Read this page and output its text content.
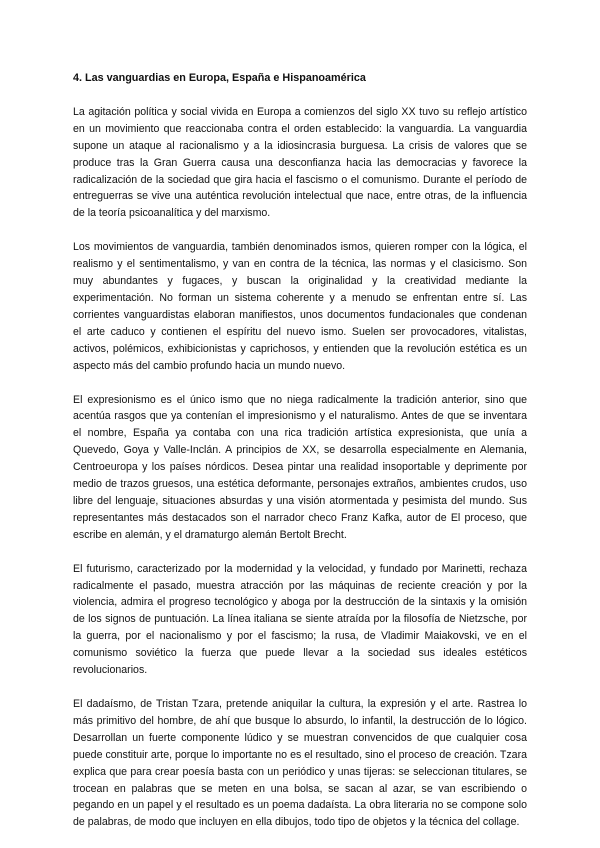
4. Las vanguardias en Europa, España e Hispanoamérica

La agitación política y social vivida en Europa a comienzos del siglo XX tuvo su reflejo artístico en un movimiento que reaccionaba contra el orden establecido: la vanguardia. La vanguardia supone un ataque al racionalismo y a la idiosincrasia burguesa. La crisis de valores que se produce tras la Gran Guerra causa una desconfianza hacia las democracias y favorece la radicalización de la sociedad que gira hacia el fascismo o el comunismo. Durante el período de entreguerras se vive una auténtica revolución intelectual que nace, entre otras, de la influencia de la teoría psicoanalítica y del marxismo.

Los movimientos de vanguardia, también denominados ismos, quieren romper con la lógica, el realismo y el sentimentalismo, y van en contra de la técnica, las normas y el clasicismo. Son muy abundantes y fugaces, y buscan la originalidad y la creatividad mediante la experimentación. No forman un sistema coherente y a menudo se enfrentan entre sí. Las corrientes vanguardistas elaboran manifiestos, unos documentos fundacionales que condenan el arte caduco y contienen el espíritu del nuevo ismo. Suelen ser provocadores, vitalistas, activos, polémicos, exhibicionistas y caprichosos, y entienden que la revolución estética es un aspecto más del cambio profundo hacia un mundo nuevo.

El expresionismo es el único ismo que no niega radicalmente la tradición anterior, sino que acentúa rasgos que ya contenían el impresionismo y el naturalismo. Antes de que se inventara el nombre, España ya contaba con una rica tradición artística expresionista, que unía a Quevedo, Goya y Valle-Inclán. A principios de XX, se desarrolla especialmente en Alemania, Centroeuropa y los países nórdicos. Desea pintar una realidad insoportable y deprimente por medio de trazos gruesos, una estética deformante, personajes extraños, ambientes crudos, uso libre del lenguaje, situaciones absurdas y una visión atormentada y pesimista del mundo. Sus representantes más destacados son el narrador checo Franz Kafka, autor de El proceso, que escribe en alemán, y el dramaturgo alemán Bertolt Brecht.

El futurismo, caracterizado por la modernidad y la velocidad, y fundado por Marinetti, rechaza radicalmente el pasado, muestra atracción por las máquinas de reciente creación y por la violencia, admira el progreso tecnológico y aboga por la destrucción de la sintaxis y la omisión de los signos de puntuación. La línea italiana se siente atraída por la filosofía de Nietzsche, por la guerra, por el nacionalismo y por el fascismo; la rusa, de Vladimir Maiakovski, ve en el comunismo soviético la fuerza que puede llevar a la sociedad sus ideales estéticos revolucionarios.

El dadaísmo, de Tristan Tzara, pretende aniquilar la cultura, la expresión y el arte. Rastrea lo más primitivo del hombre, de ahí que busque lo absurdo, lo infantil, la destrucción de lo lógico. Desarrollan un fuerte componente lúdico y se muestran convencidos de que cualquier cosa puede constituir arte, porque lo importante no es el resultado, sino el proceso de creación. Tzara explica que para crear poesía basta con un periódico y unas tijeras: se seleccionan titulares, se trocean en palabras que se meten en una bolsa, se sacan al azar, se van escribiendo o pegando en un papel y el resultado es un poema dadaísta. La obra literaria no se compone solo de palabras, de modo que incluyen en ella dibujos, todo tipo de objetos y la técnica del collage.
